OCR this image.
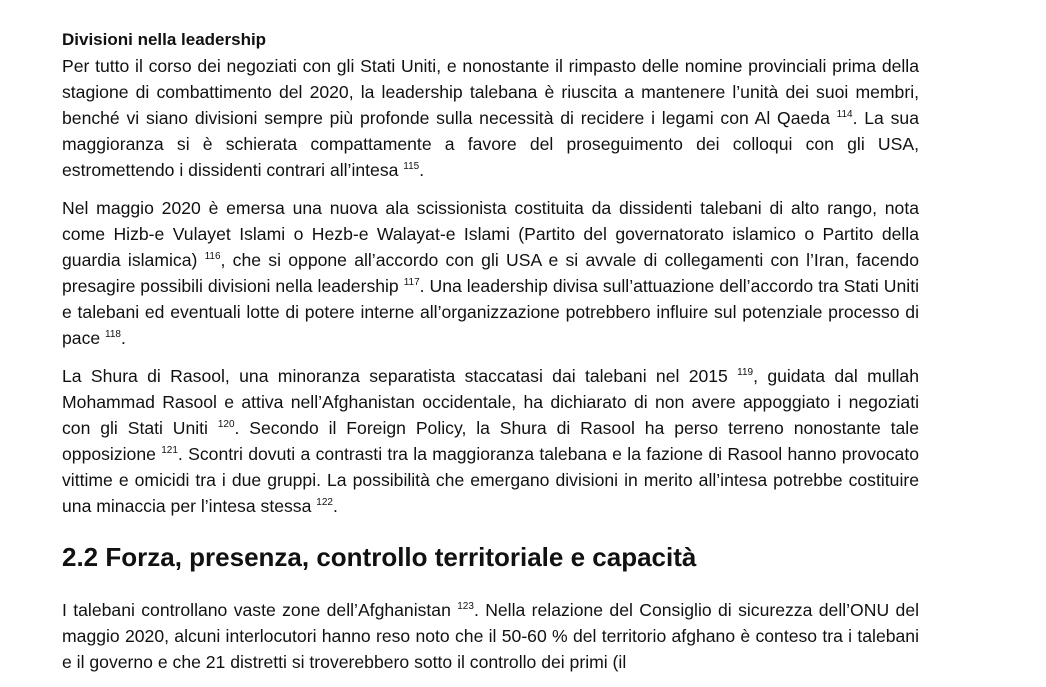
Divisioni nella leadership

Per tutto il corso dei negoziati con gli Stati Uniti, e nonostante il rimpasto delle nomine provinciali prima della stagione di combattimento del 2020, la leadership talebana è riuscita a mantenere l’unità dei suoi membri, benché vi siano divisioni sempre più profonde sulla necessità di recidere i legami con Al Qaeda $^{114}$. La sua maggioranza si è schierata compattamente a favore del proseguimento dei colloqui con gli USA, estromettendo i dissidenti contrari all’intesa $^{115}$.

Nel maggio 2020 è emersa una nuova ala scissionista costituita da dissidenti talebani di alto rango, nota come Hizb-e Vulayet Islami o Hezb-e Walayat-e Islami (Partito del governatorato islamico o Partito della guardia islamica) $^{116}$, che si oppone all’accordo con gli USA e si avvale di collegamenti con l’Iran, facendo presagire possibili divisioni nella leadership $^{117}$. Una leadership divisa sull’attuazione dell’accordo tra Stati Uniti e talebani ed eventuali lotte di potere interne all’organizzazione potrebbero influire sul potenziale processo di pace $^{118}$.

La Shura di Rasool, una minoranza separatista staccatasi dai talebani nel 2015 $^{119}$, guidata dal mullah Mohammad Rasool e attiva nell’Afghanistan occidentale, ha dichiarato di non avere appoggiato i negoziati con gli Stati Uniti $^{120}$. Secondo il Foreign Policy, la Shura di Rasool ha perso terreno nonostante tale opposizione $^{121}$. Scontri dovuti a contrasti tra la maggioranza talebana e la fazione di Rasool hanno provocato vittime e omicidi tra i due gruppi. La possibilità che emergano divisioni in merito all’intesa potrebbe costituire una minaccia per l’intesa stessa $^{122}$.

2.2 Forza, presenza, controllo territoriale e capacità

I talebani controllano vaste zone dell’Afghanistan $^{123}$. Nella relazione del Consiglio di sicurezza dell’ONU del maggio 2020, alcuni interlocutori hanno reso noto che il 50-60 % del territorio afghano è conteso tra i talebani e il governo e che 21 distretti si troverebbero sotto il controllo dei primi (il
